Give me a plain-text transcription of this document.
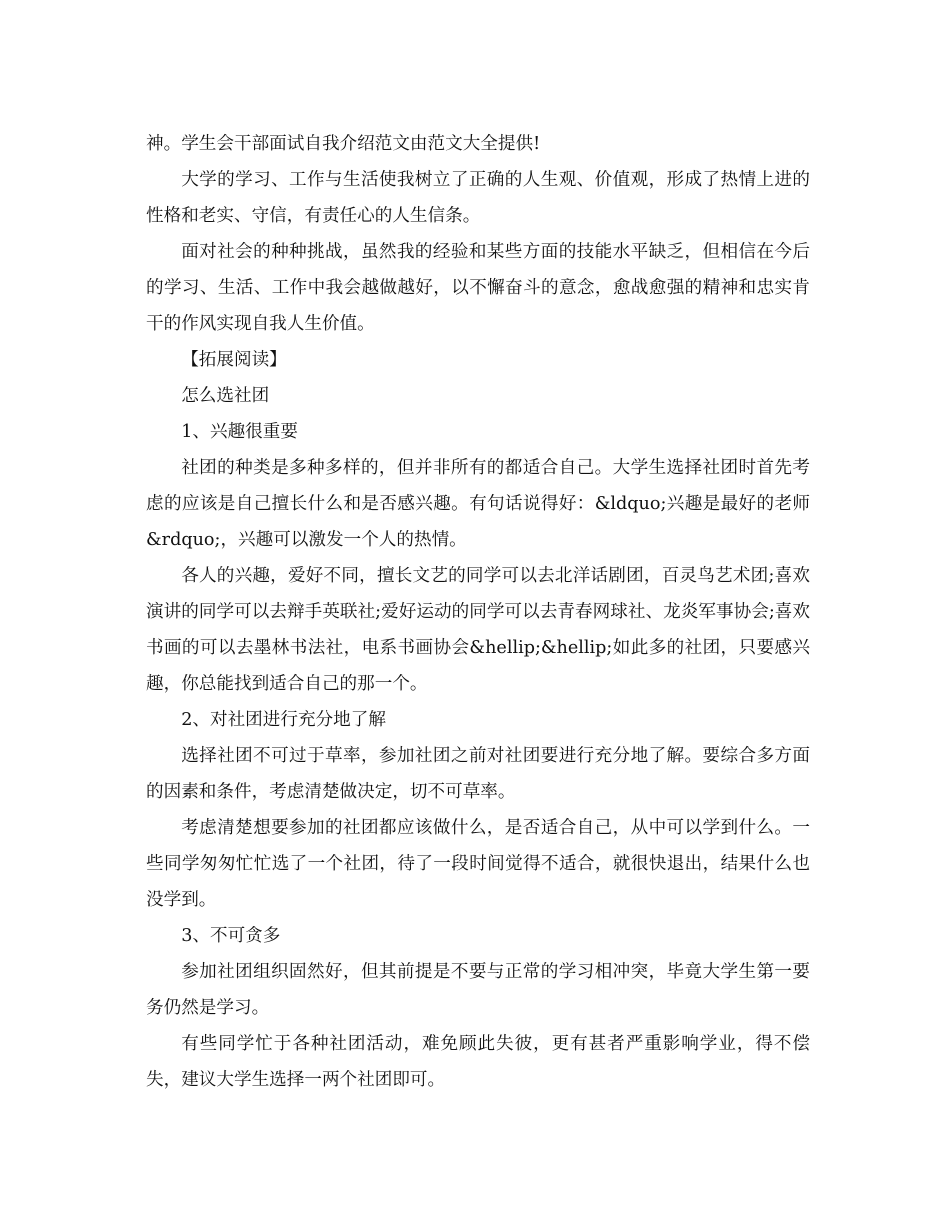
神。学生会干部面试自我介绍范文由范文大全提供!

大学的学习、工作与生活使我树立了正确的人生观、价值观，形成了热情上进的性格和老实、守信，有责任心的人生信条。

面对社会的种种挑战，虽然我的经验和某些方面的技能水平缺乏，但相信在今后的学习、生活、工作中我会越做越好，以不懈奋斗的意念，愈战愈强的精神和忠实肯干的作风实现自我人生价值。

【拓展阅读】

怎么选社团

1、兴趣很重要

社团的种类是多种多样的，但并非所有的都适合自己。大学生选择社团时首先考虑的应该是自己擅长什么和是否感兴趣。有句话说得好：&ldquo;兴趣是最好的老师&rdquo;，兴趣可以激发一个人的热情。

各人的兴趣，爱好不同，擅长文艺的同学可以去北洋话剧团，百灵鸟艺术团;喜欢演讲的同学可以去辩手英联社;爱好运动的同学可以去青春网球社、龙炎军事协会;喜欢书画的可以去墨林书法社，电系书画协会&hellip;&hellip;如此多的社团，只要感兴趣，你总能找到适合自己的那一个。

2、对社团进行充分地了解

选择社团不可过于草率，参加社团之前对社团要进行充分地了解。要综合多方面的因素和条件，考虑清楚做决定，切不可草率。

考虑清楚想要参加的社团都应该做什么，是否适合自己，从中可以学到什么。一些同学匆匆忙忙选了一个社团，待了一段时间觉得不适合，就很快退出，结果什么也没学到。

3、不可贪多

参加社团组织固然好，但其前提是不要与正常的学习相冲突，毕竟大学生第一要务仍然是学习。

有些同学忙于各种社团活动，难免顾此失彼，更有甚者严重影响学业，得不偿失，建议大学生选择一两个社团即可。
